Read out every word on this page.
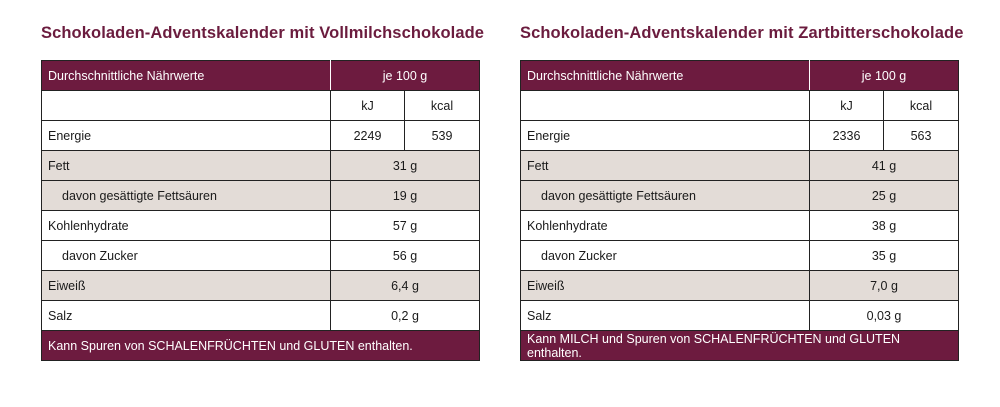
Schokoladen-Adventskalender mit Vollmilchschokolade
Durchschnittliche Nährwerte	je 100 g	
	kJ	kcal
Energie	2249	539
Fett	31 g	
davon gesättigte Fettsäuren	19 g	
Kohlenhydrate	57 g	
davon Zucker	56 g	
Eiweiß	6,4 g	
Salz	0,2 g	
Kann Spuren von SCHALENFRÜCHTEN und GLUTEN enthalten.		
Schokoladen-Adventskalender mit Zartbitterschokolade
Durchschnittliche Nährwerte	je 100 g	
	kJ	kcal
Energie	2336	563
Fett	41 g	
davon gesättigte Fettsäuren	25 g	
Kohlenhydrate	38 g	
davon Zucker	35 g	
Eiweiß	7,0 g	
Salz	0,03 g	
Kann MILCH und Spuren von SCHALENFRÜCHTEN und GLUTEN enthalten.		
